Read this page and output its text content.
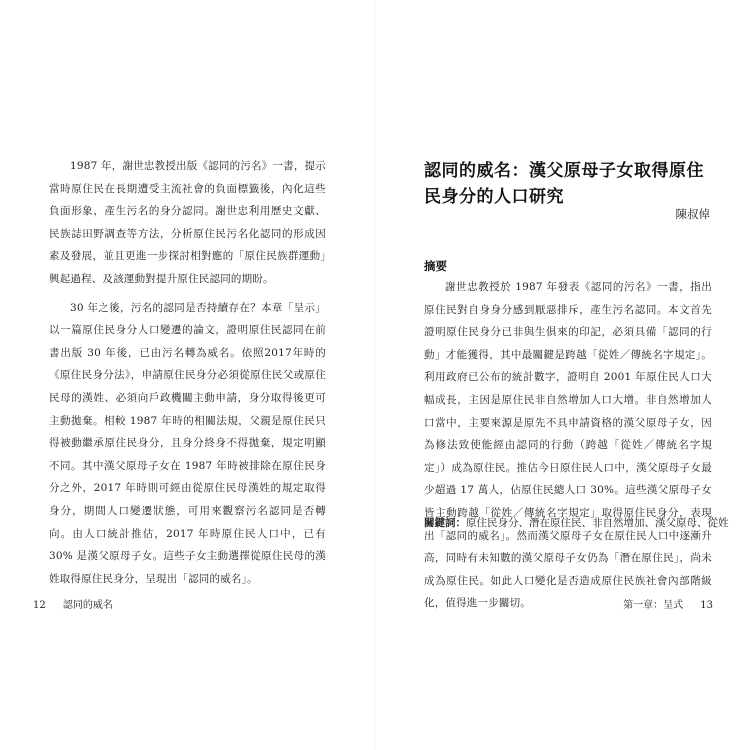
1987 年，謝世忠教授出版《認同的污名》一書，提示當時原住民在長期遭受主流社會的負面標籤後，內化這些負面形象，產生污名的身分認同。謝世忠利用歷史文獻、民族誌田野調查等方法，分析原住民污名化認同的形成因素及發展，並且更進一步探討相對應的「原住民族群運動」興起過程、及該運動對提升原住民認同的期盼。

30 年之後，污名的認同是否持續存在？本章「呈示」以一篇原住民身分人口變遷的論文，證明原住民認同在前書出版 30 年後，已由污名轉為威名。依照2017年時的《原住民身分法》，申請原住民身分必須從原住民父或原住民母的漢姓、必須向戶政機關主動申請，身分取得後更可主動拋棄。相較 1987 年時的相關法規，父親是原住民只得被動繼承原住民身分，且身分終身不得拋棄，規定明顯不同。其中漢父原母子女在 1987 年時被排除在原住民身分之外，2017 年時則可經由從原住民母漢姓的規定取得身分，期間人口變遷狀態，可用來觀察污名認同是否轉向。由人口統計推估，2017 年時原住民人口中，已有 30% 是漢父原母子女。這些子女主動選擇從原住民母的漢姓取得原住民身分，呈現出「認同的威名」。

12 認同的威名
認同的威名：漢父原母子女取得原住民身分的人口研究
陳叔倬
摘要

謝世忠教授於 1987 年發表《認同的污名》一書，指出原住民對自身身分感到厭惡排斥，產生污名認同。本文首先證明原住民身分已非與生俱來的印記，必須具備「認同的行動」才能獲得，其中最關鍵是跨越「從姓／傳統名字規定」。利用政府已公布的統計數字，證明自 2001 年原住民人口大幅成長，主因是原住民非自然增加人口大增。非自然增加人口當中，主要來源是原先不具申請資格的漢父原母子女，因為修法致使能經由認同的行動（跨越「從姓／傳統名字規定」）成為原住民。推估今日原住民人口中，漢父原母子女最少超過 17 萬人，佔原住民總人口 30%。這些漢父原母子女皆主動跨越「從姓／傳統名字規定」取得原住民身分，表現出「認同的威名」。然而漢父原母子女在原住民人口中逐漸升高，同時有未知數的漢父原母子女仍為「潛在原住民」，尚未成為原住民。如此人口變化是否造成原住民族社會內部階級化，值得進一步關切。

關鍵詞：原住民身分、潛在原住民、非自然增加、漢父原母、從姓
第一章：呈式 13
